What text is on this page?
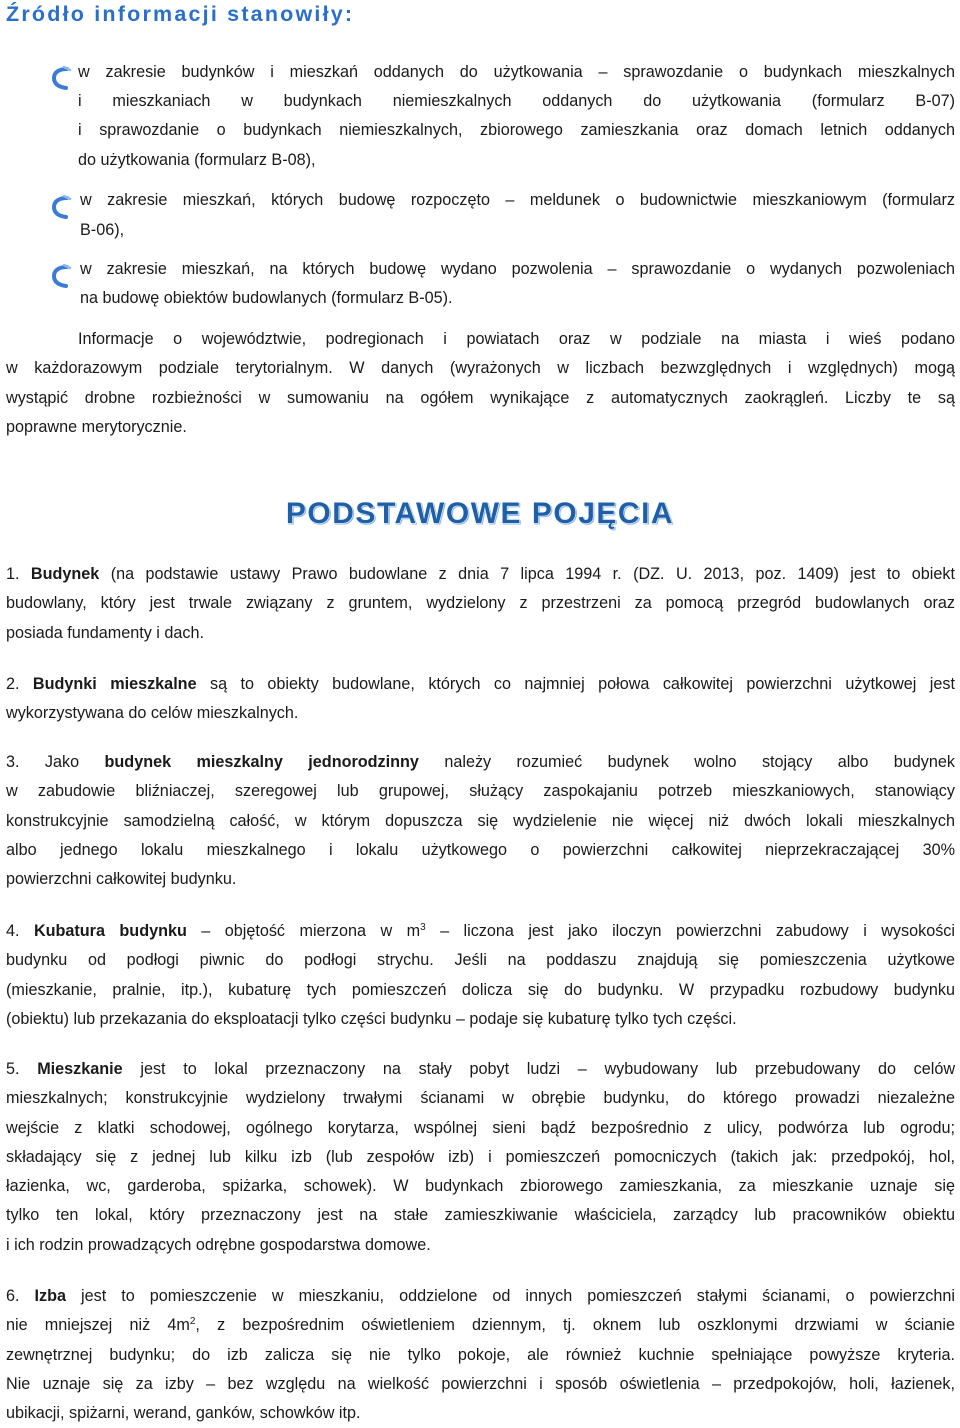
Źródło informacji stanowiły:
w zakresie budynków i mieszkań oddanych do użytkowania – sprawozdanie o budynkach mieszkalnych
i mieszkaniach w budynkach niemieszkalnych oddanych do użytkowania (formularz B-07)
i sprawozdanie o budynkach niemieszkalnych, zbiorowego zamieszkania oraz domach letnich oddanych
do użytkowania (formularz B-08),
w zakresie mieszkań, których budowę rozpoczęto – meldunek o budownictwie mieszkaniowym (formularz
B-06),
w zakresie mieszkań, na których budowę wydano pozwolenia – sprawozdanie o wydanych pozwoleniach
na budowę obiektów budowlanych (formularz B-05).
Informacje o województwie, podregionach i powiatach oraz w podziale na miasta i wieś podano
w każdorazowym podziale terytorialnym. W danych (wyrażonych w liczbach bezwzględnych i względnych) mogą
wystąpić drobne rozbieżności w sumowaniu na ogółem wynikające z automatycznych zaokrągleń. Liczby te są
poprawne merytorycznie.
PODSTAWOWE POJĘCIA
1. Budynek (na podstawie ustawy Prawo budowlane z dnia 7 lipca 1994 r. (DZ. U. 2013, poz. 1409) jest to obiekt
budowlany, który jest trwale związany z gruntem, wydzielony z przestrzeni za pomocą przegród budowlanych oraz
posiada fundamenty i dach.
2. Budynki mieszkalne są to obiekty budowlane, których co najmniej połowa całkowitej powierzchni użytkowej jest
wykorzystywana do celów mieszkalnych.
3. Jako budynek mieszkalny jednorodzinny należy rozumieć budynek wolno stojący albo budynek
w zabudowie bliźniaczej, szeregowej lub grupowej, służący zaspokajaniu potrzeb mieszkaniowych, stanowiący
konstrukcyjnie samodzielną całość, w którym dopuszcza się wydzielenie nie więcej niż dwóch lokali mieszkalnych
albo jednego lokalu mieszkalnego i lokalu użytkowego o powierzchni całkowitej nieprzekraczającej 30%
powierzchni całkowitej budynku.
4. Kubatura budynku – objętość mierzona w $m^3$ – liczona jest jako iloczyn powierzchni zabudowy i wysokości
budynku od podłogi piwnic do podłogi strychu. Jeśli na poddaszu znajdują się pomieszczenia użytkowe
(mieszkanie, pralnie, itp.), kubaturę tych pomieszczeń dolicza się do budynku. W przypadku rozbudowy budynku
(obiektu) lub przekazania do eksploatacji tylko części budynku – podaje się kubaturę tylko tych części.
5. Mieszkanie jest to lokal przeznaczony na stały pobyt ludzi – wybudowany lub przebudowany do celów
mieszkalnych; konstrukcyjnie wydzielony trwałymi ścianami w obrębie budynku, do którego prowadzi niezależne
wejście z klatki schodowej, ogólnego korytarza, wspólnej sieni bądź bezpośrednio z ulicy, podwórza lub ogrodu;
składający się z jednej lub kilku izb (lub zespołów izb) i pomieszczeń pomocniczych (takich jak: przedpokój, hol,
łazienka, wc, garderoba, spiżarka, schowek). W budynkach zbiorowego zamieszkania, za mieszkanie uznaje się
tylko ten lokal, który przeznaczony jest na stałe zamieszkiwanie właściciela, zarządcy lub pracowników obiektu
i ich rodzin prowadzących odrębne gospodarstwa domowe.
6. Izba jest to pomieszczenie w mieszkaniu, oddzielone od innych pomieszczeń stałymi ścianami, o powierzchni
nie mniejszej niż $4m^2$, z bezpośrednim oświetleniem dziennym, tj. oknem lub oszklonymi drzwiami w ścianie
zewnętrznej budynku; do izb zalicza się nie tylko pokoje, ale również kuchnie spełniające powyższe kryteria.
Nie uznaje się za izby – bez względu na wielkość powierzchni i sposób oświetlenia – przedpokojów, holi, łazienek,
ubikacji, spiżarni, werand, ganków, schowków itp.
